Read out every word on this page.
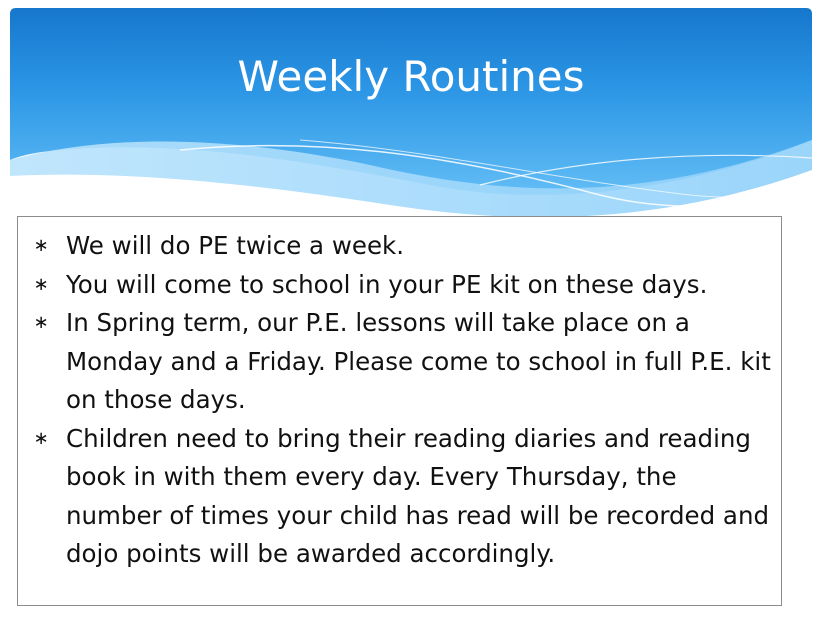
Weekly Routines
∗ We will do PE twice a week.
∗ You will come to school in your PE kit on these days.
∗ In Spring term, our P.E. lessons will take place on a Monday and a Friday. Please come to school in full P.E. kit on those days.
∗ Children need to bring their reading diaries and reading book in with them every day. Every Thursday, the number of times your child has read will be recorded and dojo points will be awarded accordingly.
